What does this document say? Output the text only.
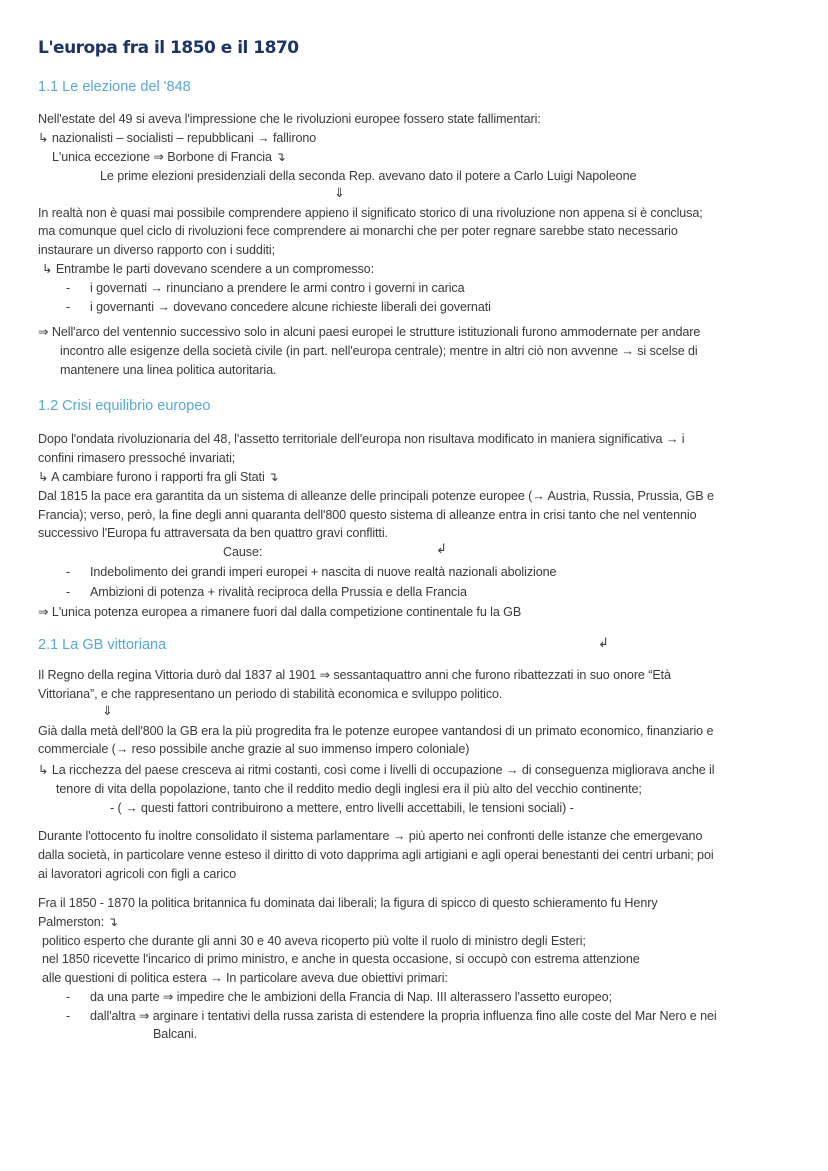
L'europa fra il 1850 e il 1870
1.1 Le elezione del '848
Nell'estate del 49 si aveva l'impressione che le rivoluzioni europee fossero state fallimentari:
↳ nazionalisti – socialisti – repubblicani → fallirono
L'unica eccezione ⇒ Borbone di Francia ↴
Le prime elezioni presidenziali della seconda Rep. avevano dato il potere a Carlo Luigi Napoleone
⇓
In realtà non è quasi mai possibile comprendere appieno il significato storico di una rivoluzione non appena si è conclusa;
ma comunque quel ciclo di rivoluzioni fece comprendere ai monarchi che per poter regnare sarebbe stato necessario
instaurare un diverso rapporto con i sudditi;
↳ Entrambe le parti dovevano scendere a un compromesso:
- i governati → rinunciano a prendere le armi contro i governi in carica
- i governanti → dovevano concedere alcune richieste liberali dei governati
⇒ Nell'arco del ventennio successivo solo in alcuni paesi europei le strutture istituzionali furono ammodernate per andare
incontro alle esigenze della società civile (in part. nell'europa centrale); mentre in altri ciò non avvenne → si scelse di
mantenere una linea politica autoritaria.
1.2 Crisi equilibrio europeo
Dopo l'ondata rivoluzionaria del 48, l'assetto territoriale dell'europa non risultava modificato in maniera significativa → i
confini rimasero pressoché invariati;
↳ A cambiare furono i rapporti fra gli Stati ↴
Dal 1815 la pace era garantita da un sistema di alleanze delle principali potenze europee (→ Austria, Russia, Prussia, GB e
Francia); verso, però, la fine degli anni quaranta dell'800 questo sistema di alleanze entra in crisi tanto che nel ventennio
successivo l'Europa fu attraversata da ben quattro gravi conflitti.
Cause:	↲
- Indebolimento dei grandi imperi europei + nascita di nuove realtà nazionali abolizione
- Ambizioni di potenza + rivalità reciproca della Prussia e della Francia
⇒ L'unica potenza europea a rimanere fuori dal dalla competizione continentale fu la GB
2.1 La GB vittoriana	↲
Il Regno della regina Vittoria durò dal 1837 al 1901 ⇒ sessantaquattro anni che furono ribattezzati in suo onore “Età
Vittoriana”, e che rappresentano un periodo di stabilità economica e sviluppo politico.
⇓
Già dalla metà dell'800 la GB era la più progredita fra le potenze europee vantandosi di un primato economico, finanziario e
commerciale (→ reso possibile anche grazie al suo immenso impero coloniale)
↳ La ricchezza del paese cresceva ai ritmi costanti, così come i livelli di occupazione → di conseguenza migliorava anche il
tenore di vita della popolazione, tanto che il reddito medio degli inglesi era il più alto del vecchio continente;
- ( → questi fattori contribuirono a mettere, entro livelli accettabili, le tensioni sociali) -
Durante l'ottocento fu inoltre consolidato il sistema parlamentare → più aperto nei confronti delle istanze che emergevano
dalla società, in particolare venne esteso il diritto di voto dapprima agli artigiani e agli operai benestanti dei centri urbani; poi
ai lavoratori agricoli con figli a carico
Fra il 1850 - 1870 la politica britannica fu dominata dai liberali; la figura di spicco di questo schieramento fu Henry
Palmerston: ↴
politico esperto che durante gli anni 30 e 40 aveva ricoperto più volte il ruolo di ministro degli Esteri;
nel 1850 ricevette l'incarico di primo ministro, e anche in questa occasione, si occupò con estrema attenzione
alle questioni di politica estera → In particolare aveva due obiettivi primari:
- da una parte ⇒ impedire che le ambizioni della Francia di Nap. III alterassero l'assetto europeo;
- dall'altra ⇒ arginare i tentativi della russa zarista di estendere la propria influenza fino alle coste del Mar Nero e nei
Balcani.
